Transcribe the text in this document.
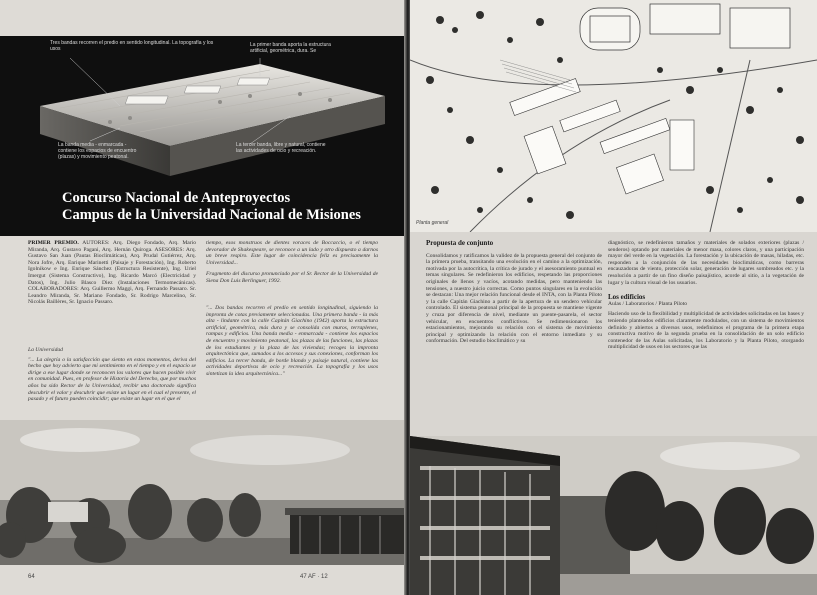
Tres bandas recorren el predio en sentido longitudinal. La topografía y los usos
La primer banda aporta la estructura artificial, geométrica, dura. Se
La banda media - enmarcada - contiene los espacios de encuentro (plazas) y movimiento peatonal.
La tercer banda, libre y natural, contiene las actividades de ocio y recreación.
Concurso Nacional de Anteproyectos
Campus de la Universidad Nacional de Misiones
PRIMER PREMIO. AUTORES: Arq. Diego Fondado, Arq. Mario Miranda, Arq. Gustavo Pagani, Arq. Hernán Quiroga. ASESORES: Arq. Gustavo San Juan (Pautas Bioclimáticas), Arq. Prudal Gutiérrez, Arq. Nora Jofre, Arq. Enrique Marinetti (Paisaje y Forestación), Ing. Roberto Igolnikow e Ing. Enrique Sánchez (Estructura Resistente), Ing. Uriel Imergut (Sistema Constructivo), Ing. Ricardo Marcó (Electricidad y Datos), Ing. Julio Blasco Diez (Instalaciones Termomecánicas). COLABORADORES: Arq. Guillermo Maggi, Arq. Fernando Passaro. Sr. Leandro Miranda, Sr. Mariano Fondado, Sr. Rodrigo Marcelino, Sr. Nicolás Baillères, Sr. Ignacio Passaro.
tiempo, esos monstruos de dientes voraces de Boccaccio, o el tiempo devorador de Shakespeare, se reconoce a un lado y otro dispuesto a darnos un breve respiro. Este lugar de coincidencia feliz es precisamente la Universidad...
Fragmento del discurso pronunciado por el Sr. Rector de la Universidad de Siena Don Luis Berlinguer, 1992.
La Universidad
"... La alegría o la satisfacción que siento en estos momentos, deriva del hecho que hoy advierto que mi sentimiento en el tiempo y en el espacio se dirige a ese lugar donde se reconocen los valores que hacen posible vivir en comunidad. Pues, en profesor de Historia del Derecho, que por muchos años ha sido Rector de la Universidad, recibir una doctorado significa descubrir el valor y descubrir que existe un lugar en el cual el presente, el pasado y el futuro pueden coincidir; que existe un lugar en el que el
"... Dos bandas recorren el predio en sentido longitudinal, siguiendo la impronta de cotas previamente seleccionadas. Una primera banda - la más alta - lindante con la calle Capitán Giachino (1942) aporta la estructura artificial, geométrica, más dura y se consolida con muros, terraplenes, rampas y edificios. Una banda media - enmarcada - contiene los espacios de encuentro y movimiento peatonal, las plazas de las funciones, las plazas de los estudiantes y la plaza de las viviendas; recoges la impronta arquitectónica que, sumados a los accesos y sus conexiones, conforman los edificios. La tercer banda, de borde blando y paisaje natural, contiene las actividades deportivas de ocio y recreación. La topografía y los usos sintetizan la idea arquitectónica..."
64	47 AF · 12
Planta general
Propuesta de conjunto
Consolidamos y ratificamos la validez de la propuesta general del conjunto de la primera prueba, transitando una evolución en el camino a la optimización, motivada por la autocrítica, la crítica de jurado y el asesoramiento puntual en temas singulares. Se redefinieron los edificios, respetando las proporciones originales de llenos y vacíos, acotando medidas, pero manteniendo las tensiones, a nuestro juicio correctas. Como puntos singulares en la evolución se destacan: Una mejor relación funcional desde el INTA, con la Planta Piloto y la calle Capitán Giachino a partir de la apertura de un sendero vehicular controlado. El sistema peatonal principal de la propuesta se mantiene vigente y cruza por diferencia de nivel, mediante un puente-pasarela, el sector vehicular, en encuentros conflictivos. Se redimensionaron los estacionamientos, mejorando su relación con el sistema de movimiento principal y optimizando la relación con el entorno inmediato y su conformación. Del estudio bioclimático y su
diagnóstico, se redefinieron tamaños y materiales de solados exteriores (plazas / senderos) optando por materiales de menor masa, colores claros, y una participación mayor del verde en la vegetación. La forestación y la ubicación de masas, hiladas, etc. responden a la conjunción de las necesidades bioclimáticas, como barreras encauzadoras de viento, protección solar, generación de lugares sombreados etc. y la resolución a partir de un fino diseño paisajístico, acorde al sitio, a la vegetación de lugar y la cultura visual de los usuarios.
Los edificios
Aulas / Laboratorios / Planta Piloto
Haciendo uso de la flexibilidad y multiplicidad de actividades solicitadas en las bases y teniendo planteados edificios claramente modulados, con un sistema de movimientos definido y abiertos a diversos usos, redefinimos el programa de la primera etapa constructiva motivo de la segunda prueba en la consolidación de un solo edificio contenedor de las Aulas solicitadas, los Laboratorio y la Planta Piloto, otorgando multiplicidad de usos en los sectores que las
